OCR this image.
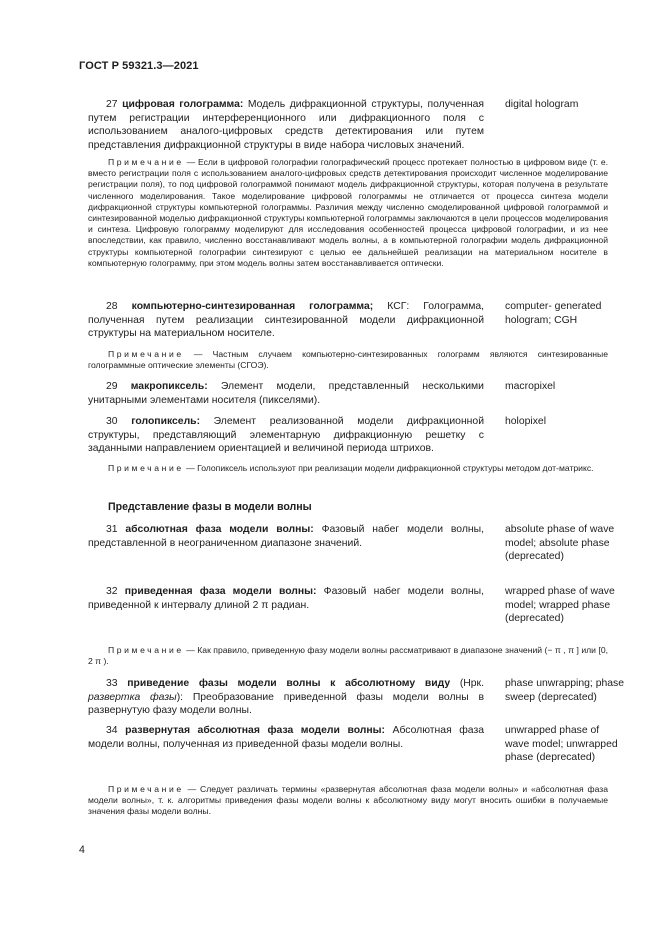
ГОСТ Р 59321.3—2021
27 цифровая голограмма: Модель дифракционной структуры, полученная путем регистрации интерференционного или дифракционного поля с использованием аналого-цифровых средств детектирования или путем представления дифракционной структуры в виде набора числовых значений.
digital hologram
Примечание — Если в цифровой голографии голографический процесс протекает полностью в цифровом виде (т. е. вместо регистрации поля с использованием аналого-цифровых средств детектирования происходит численное моделирование регистрации поля), то под цифровой голограммой понимают модель дифракционной структуры, которая получена в результате численного моделирования. Такое моделирование цифровой голограммы не отличается от процесса синтеза модели дифракционной структуры компьютерной голограммы. Различия между численно смоделированной цифровой голограммой и синтезированной моделью дифракционной структуры компьютерной голограммы заключаются в цели процессов моделирования и синтеза. Цифровую голограмму моделируют для исследования особенностей процесса цифровой голографии, и из нее впоследствии, как правило, численно восстанавливают модель волны, а в компьютерной голографии модель дифракционной структуры компьютерной голографии синтезируют с целью ее дальнейшей реализации на материальном носителе в компьютерную голограмму, при этом модель волны затем восстанавливается оптически.
28 компьютерно-синтезированная голограмма; КСГ: Голограмма, полученная путем реализации синтезированной модели дифракционной структуры на материальном носителе.
computer- generated hologram; CGH
Примечание — Частным случаем компьютерно-синтезированных голограмм являются синтезированные голограммные оптические элементы (СГОЭ).
29 макропиксель: Элемент модели, представленный несколькими унитарными элементами носителя (пикселями).
macropixel
30 голопиксель: Элемент реализованной модели дифракционной структуры, представляющий элементарную дифракционную решетку с заданными направлением ориентацией и величиной периода штрихов.
holopixel
Примечание — Голопиксель используют при реализации модели дифракционной структуры методом дот-матрикс.
Представление фазы в модели волны
31 абсолютная фаза модели волны: Фазовый набег модели волны, представленной в неограниченном диапазоне значений.
absolute phase of wave model; absolute phase (deprecated)
32 приведенная фаза модели волны: Фазовый набег модели волны, приведенной к интервалу длиной 2 π радиан.
wrapped phase of wave model; wrapped phase (deprecated)
Примечание — Как правило, приведенную фазу модели волны рассматривают в диапазоне значений (− π , π ] или [0, 2 π ).
33 приведение фазы модели волны к абсолютному виду (Нрк. развертка фазы): Преобразование приведенной фазы модели волны в развернутую фазу модели волны.
phase unwrapping; phase sweep (deprecated)
34 развернутая абсолютная фаза модели волны: Абсолютная фаза модели волны, полученная из приведенной фазы модели волны.
unwrapped phase of wave model; unwrapped phase (deprecated)
Примечание — Следует различать термины «развернутая абсолютная фаза модели волны» и «абсолютная фаза модели волны», т. к. алгоритмы приведения фазы модели волны к абсолютному виду могут вносить ошибки в получаемые значения фазы модели волны.
4
